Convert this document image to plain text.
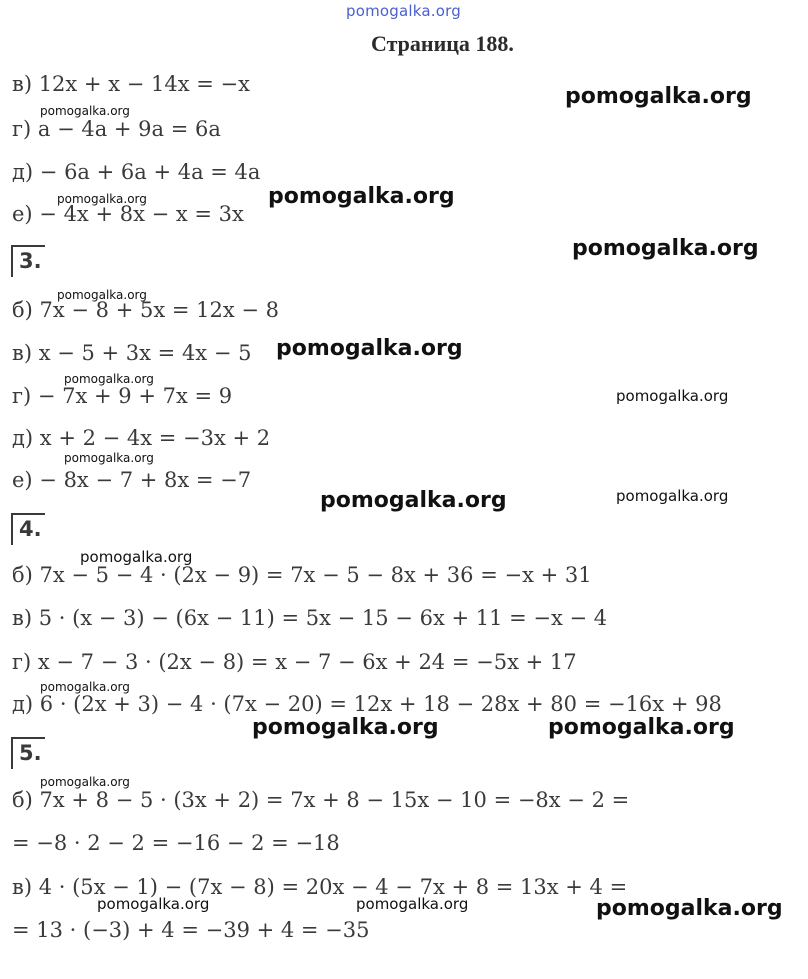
pomogalka.org
Страница 188.
в) 12x + x − 14x = −x
г) a − 4a + 9a = 6a
д) − 6a + 6a + 4a = 4a
е) − 4x + 8x − x = 3x
3.
б) 7x − 8 + 5x = 12x − 8
в) x − 5 + 3x = 4x − 5
г) − 7x + 9 + 7x = 9
д) x + 2 − 4x = −3x + 2
е) − 8x − 7 + 8x = −7
4.
б) 7x − 5 − 4 · (2x − 9) = 7x − 5 − 8x + 36 = −x + 31
в) 5 · (x − 3) − (6x − 11) = 5x − 15 − 6x + 11 = −x − 4
г) x − 7 − 3 · (2x − 8) = x − 7 − 6x + 24 = −5x + 17
д) 6 · (2x + 3) − 4 · (7x − 20) = 12x + 18 − 28x + 80 = −16x + 98
5.
б) 7x + 8 − 5 · (3x + 2) = 7x + 8 − 15x − 10 = −8x − 2 =
= −8 · 2 − 2 = −16 − 2 = −18
в) 4 · (5x − 1) − (7x − 8) = 20x − 4 − 7x + 8 = 13x + 4 =
= 13 · (−3) + 4 = −39 + 4 = −35
pomogalka.org
pomogalka.org
pomogalka.org
pomogalka.org
pomogalka.org
pomogalka.org
pomogalka.org
pomogalka.org
pomogalka.org
pomogalka.org
pomogalka.org	pomogalka.org
pomogalka.org
pomogalka.org
pomogalka.org	pomogalka.org
pomogalka.org
pomogalka.org	pomogalka.org	pomogalka.org
